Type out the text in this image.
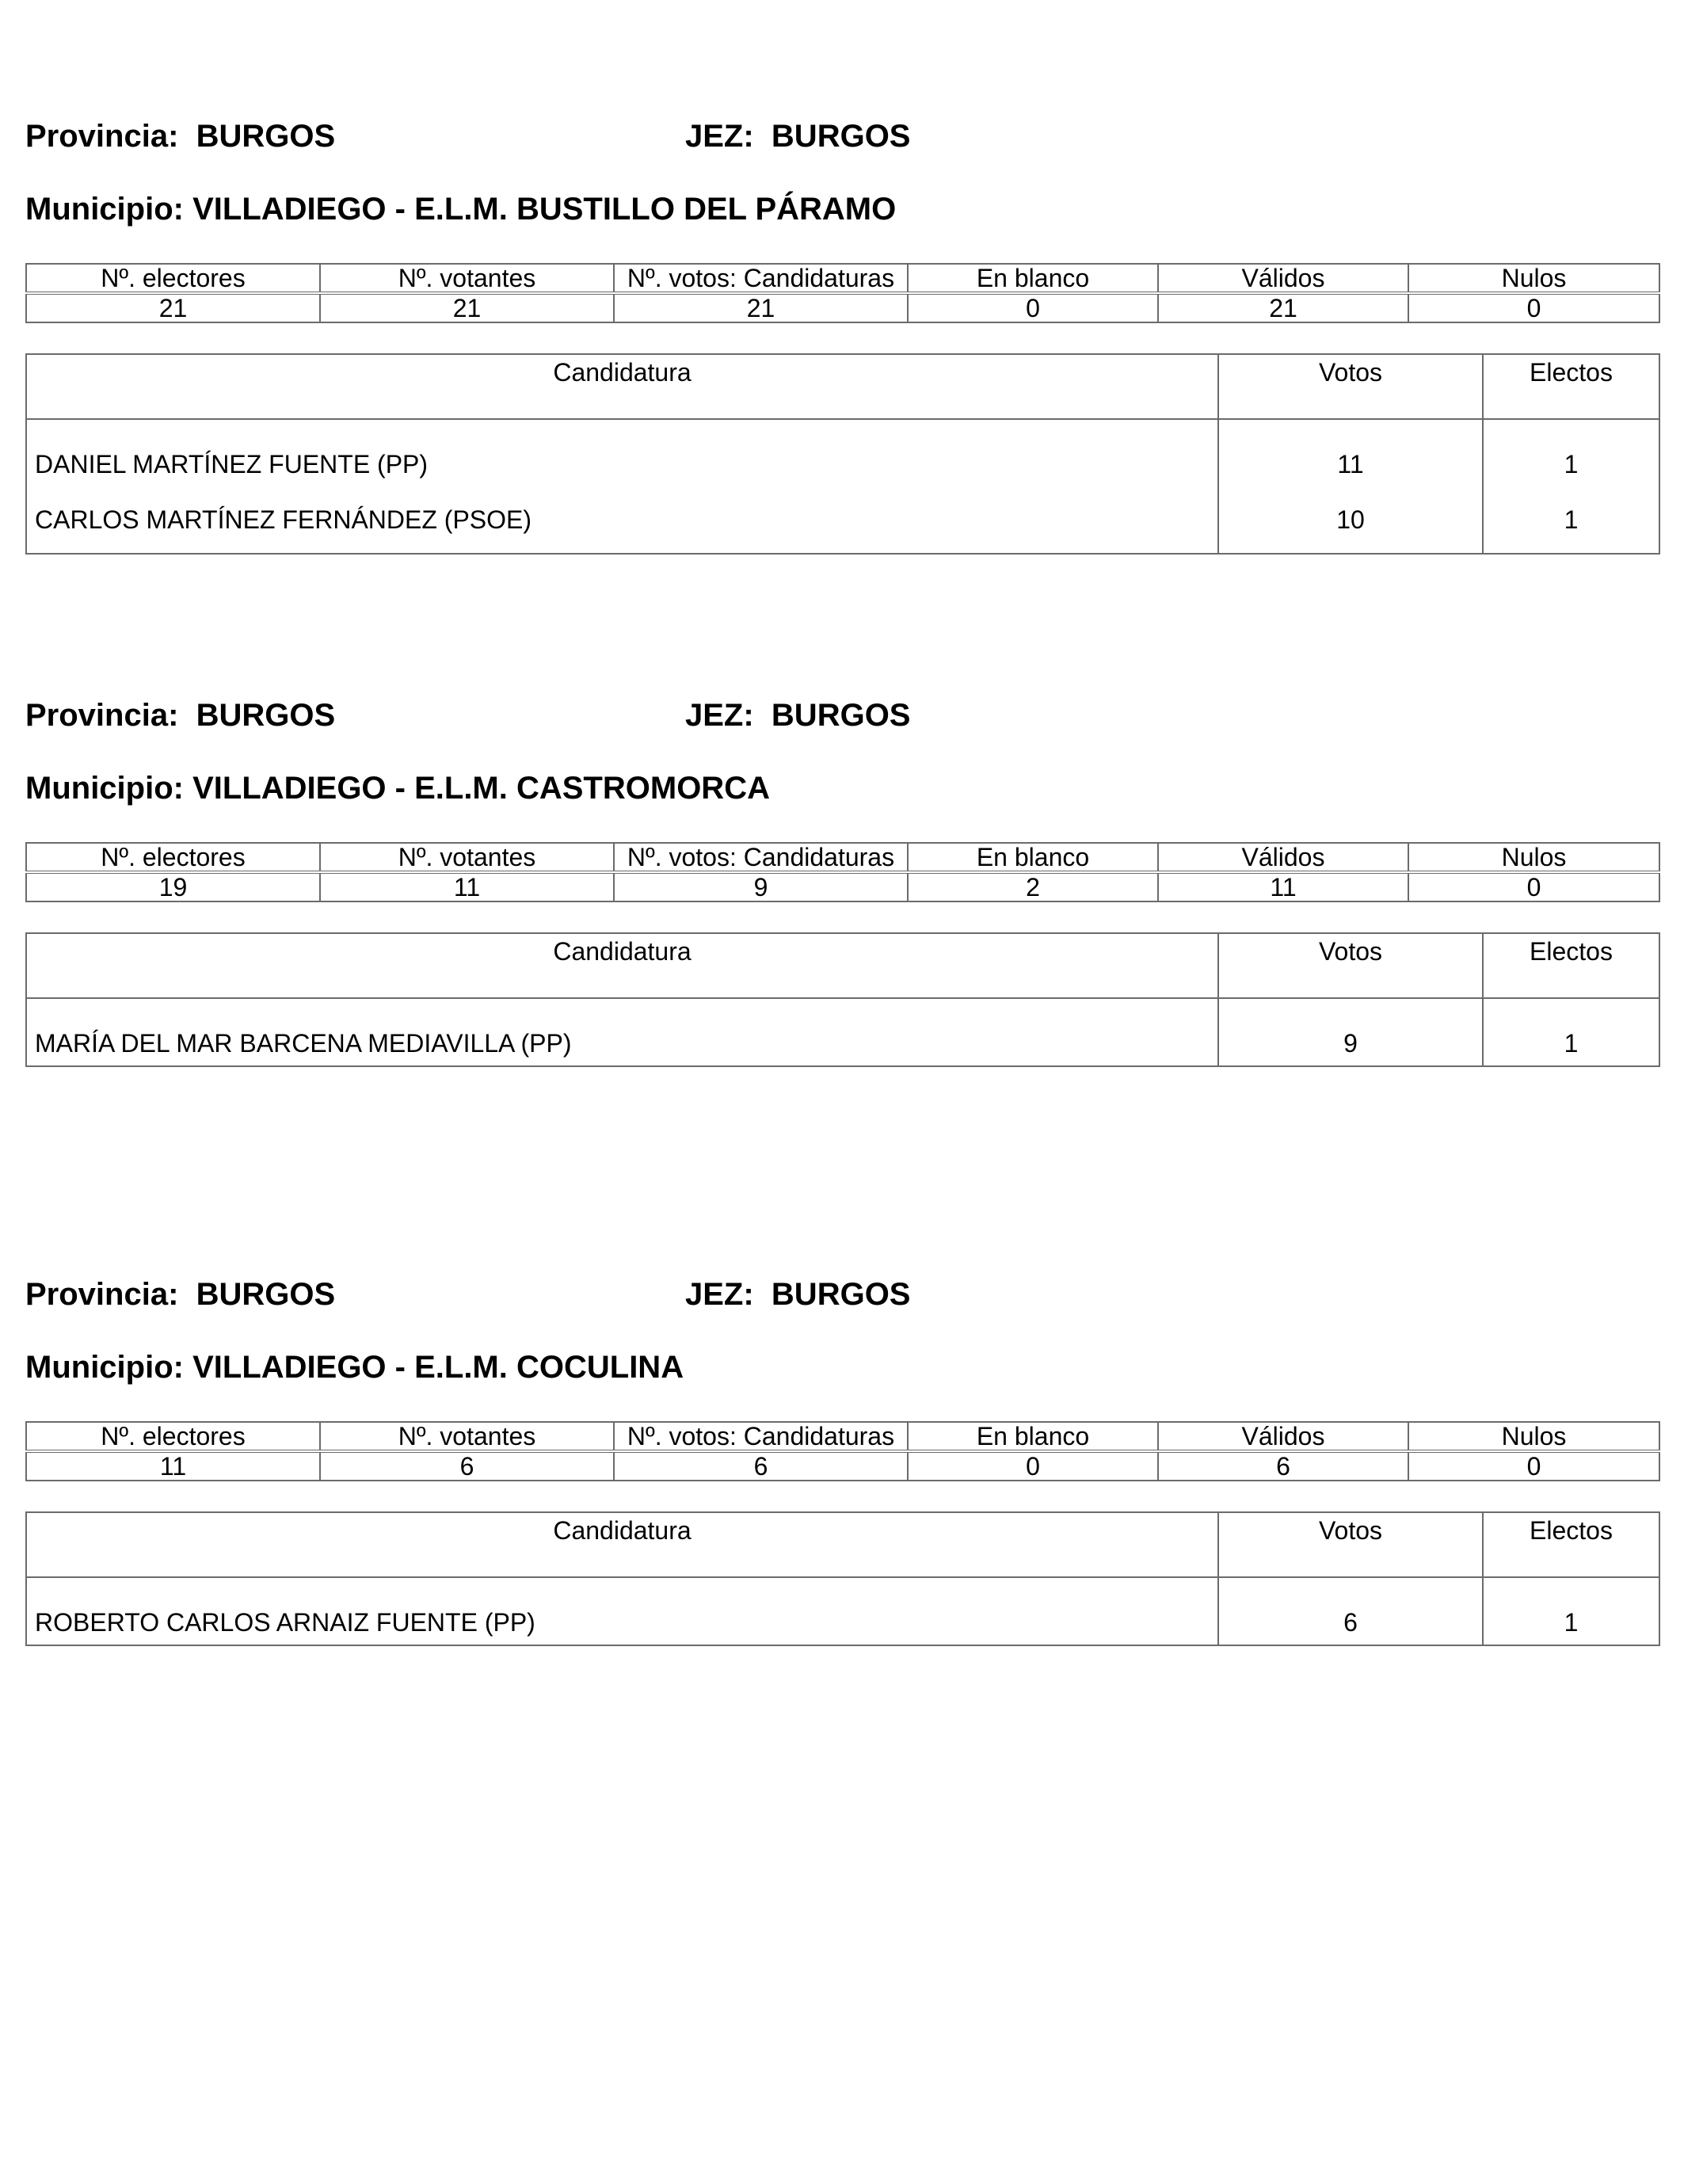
Provincia: BURGOS	JEZ: BURGOS
Municipio: VILLADIEGO - E.L.M. BUSTILLO DEL PÁRAMO
Nº. electores	Nº. votantes	Nº. votos: Candidaturas	En blanco	Válidos	Nulos
21	21	21	0	21	0
Candidatura	Votos	Electos
DANIEL MARTÍNEZ FUENTE (PP)	11	1
CARLOS MARTÍNEZ FERNÁNDEZ (PSOE)	10	1
Provincia: BURGOS	JEZ: BURGOS
Municipio: VILLADIEGO - E.L.M. CASTROMORCA
Nº. electores	Nº. votantes	Nº. votos: Candidaturas	En blanco	Válidos	Nulos
19	11	9	2	11	0
Candidatura	Votos	Electos
MARÍA DEL MAR BARCENA MEDIAVILLA (PP)	9	1
Provincia: BURGOS	JEZ: BURGOS
Municipio: VILLADIEGO - E.L.M. COCULINA
Nº. electores	Nº. votantes	Nº. votos: Candidaturas	En blanco	Válidos	Nulos
11	6	6	0	6	0
Candidatura	Votos	Electos
ROBERTO CARLOS ARNAIZ FUENTE (PP)	6	1
